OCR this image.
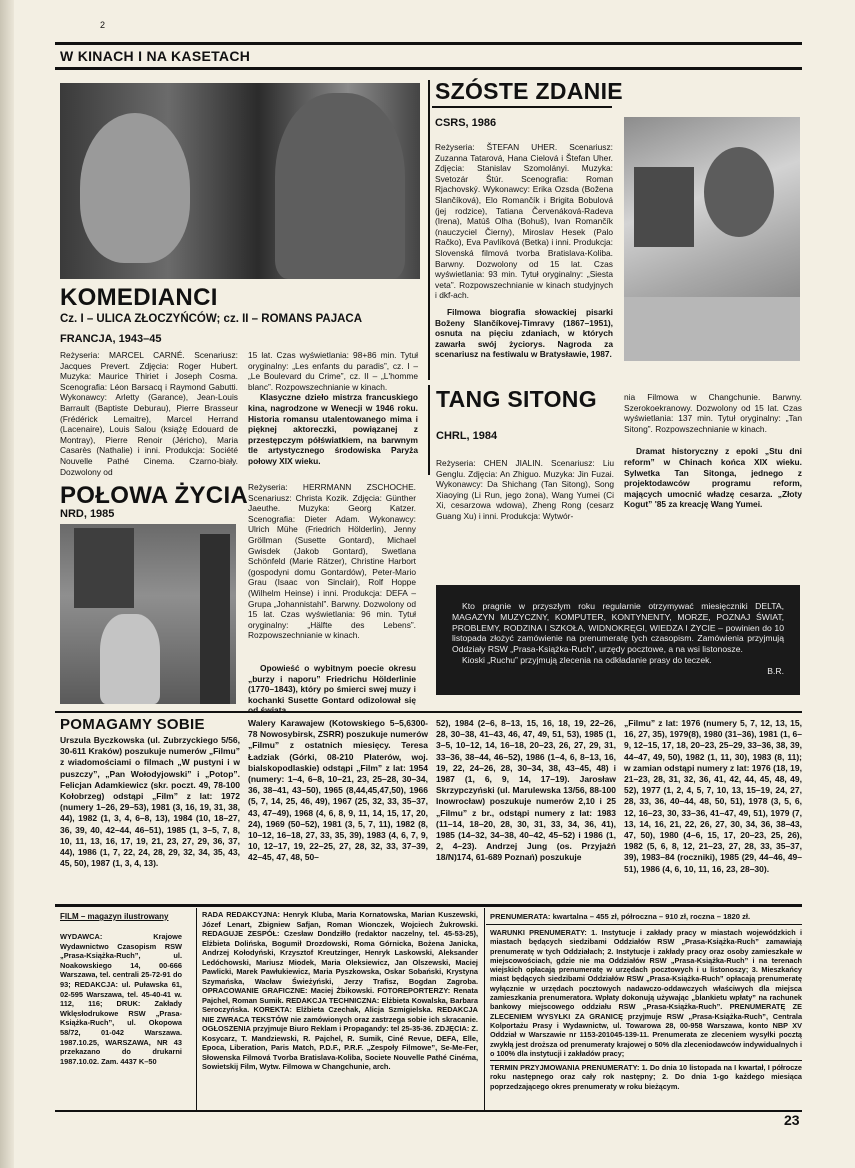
2
W KINACH I NA KASETACH
KOMEDIANCI
Cz. I – ULICA ZŁOCZYŃCÓW; cz. II – ROMANS PAJACA
FRANCJA, 1943–45
Reżyseria: MARCEL CARNÉ. Scenariusz: Jacques Prevert. Zdjęcia: Roger Hubert. Muzyka: Maurice Thiriet i Joseph Cosma. Scenografia: Léon Barsacq i Raymond Gabutti. Wykonawcy: Arletty (Garance), Jean-Louis Barrault (Baptiste Deburau), Pierre Brasseur (Frédérick Lemaitre), Marcel Herrand (Lacenaire), Louis Salou (książę Edouard de Montray), Pierre Renoir (Jéricho), Maria Casarès (Nathalie) i inni. Produkcja: Société Nouvelle Pathé Cinema. Czarno-biały. Dozwolony od
15 lat. Czas wyświetlania: 98+86 min. Tytuł oryginalny: „Les enfants du paradis”, cz. I – „Le Boulevard du Crime”, cz. II – „L'homme blanc”. Rozpowszechnianie w kinach.
Klasyczne dzieło mistrza francuskiego kina, nagrodzone w Wenecji w 1946 roku. Historia romansu utalentowanego mima i pięknej aktoreczki, powiązanej z przestępczym półświatkiem, na barwnym tle artystycznego środowiska Paryża połowy XIX wieku.
SZÓSTE ZDANIE
CSRS, 1986
Reżyseria: ŠTEFAN UHER. Scenariusz: Zuzanna Tatarová, Hana Cielová i Štefan Uher. Zdjęcia: Stanislav Szomolányi. Muzyka: Svetozár Štúr. Scenografia: Roman Rjachovský. Wykonawcy: Erika Ozsda (Božena Slančíková), Elo Romančík i Brigita Bobulová (jej rodzice), Tatiana Červenáková-Radeva (Irena), Matúš Olha (Bohuš), Ivan Romančík (nauczyciel Čierny), Miroslav Hesek (Palo Račko), Eva Pavlíková (Betka) i inni. Produkcja: Slovenská filmová tvorba Bratislava-Koliba. Barwny. Dozwolony od 15 lat. Czas wyświetlania: 93 min. Tytuł oryginalny: „Siesta veta”. Rozpowszechnianie w kinach studyjnych i dkf-ach.
Filmowa biografia słowackiej pisarki Boženy Slančíkovej-Timravy (1867–1951), osnuta na pięciu zdaniach, w których zawarła swój życiorys. Nagroda za scenariusz na festiwalu w Bratysławie, 1987.
TANG SITONG
CHRL, 1984
Reżyseria: CHEN JIALIN. Scenariusz: Liu Genglu. Zdjęcia: An Zhiguo. Muzyka: Jin Fuzai. Wykonawcy: Da Shichang (Tan Sitong), Song Xiaoying (Li Run, jego żona), Wang Yumei (Ci Xi, cesarzowa wdowa), Zheng Rong (cesarz Guang Xu) i inni. Produkcja: Wytwór-
nia Filmowa w Changchunie. Barwny. Szerokoekranowy. Dozwolony od 15 lat. Czas wyświetlania: 137 min. Tytuł oryginalny: „Tan Sitong”. Rozpowszechnianie w kinach.
Dramat historyczny z epoki „Stu dni reform” w Chinach końca XIX wieku. Sylwetka Tan Sitonga, jednego z projektodawców programu reform, mających umocnić władzę cesarza. „Złoty Kogut” '85 za kreację Wang Yumei.
POŁOWA ŻYCIA
NRD, 1985
Reżyseria: HERRMANN ZSCHOCHE. Scenariusz: Christa Kozik. Zdjęcia: Günther Jaeuthe. Muzyka: Georg Katzer. Scenografia: Dieter Adam. Wykonawcy: Ulrich Mühe (Friedrich Hölderlin), Jenny Gröllman (Susette Gontard), Michael Gwisdek (Jakob Gontard), Swetlana Schönfeld (Marie Rätzer), Christine Harbort (gospodyni domu Gontardów), Peter-Mario Grau (Isaac von Sinclair), Rolf Hoppe (Wilhelm Heinse) i inni. Produkcja: DEFA – Grupa „Johannistahl”. Barwny. Dozwolony od 15 lat. Czas wyświetlania: 96 min. Tytuł oryginalny: „Hälfte des Lebens”. Rozpowszechnianie w kinach.
Opowieść o wybitnym poecie okresu „burzy i naporu” Friedrichu Hölderlinie (1770–1843), który po śmierci swej muzy i kochanki Susette Gontard odizolował się
Kto pragnie w przyszłym roku regularnie otrzymywać miesięczniki DELTA, MAGAZYN MUZYCZNY, KOMPUTER, KONTYNENTY, MORZE, POZNAJ ŚWIAT, PROBLEMY, RODZINA I SZKOŁA, WIDNOKRĘGI, WIEDZA I ŻYCIE – powinien do 10 listopada złożyć zamówienie na prenumeratę tych czasopism. Zamówienia przyjmują Oddziały RSW „Prasa-Książka-Ruch”, urzędy pocztowe, a na wsi listonosze.
Kioski „Ruchu” przyjmują zlecenia na odkładanie prasy do teczek.
B.R.
POMAGAMY SOBIE
Urszula Byczkowska (ul. Zubrzyckiego 5/56, 30-611 Kraków) poszukuje numerów „Filmu” z wiadomościami o filmach „W pustyni i w puszczy”, „Pan Wołodyjowski” i „Potop”. Felicjan Adamkiewicz (skr. poczt. 49, 78-100 Kołobrzeg) odstąpi „Film” z lat: 1972 (numery 1–26, 29–53), 1981 (3, 16, 19, 31, 38, 44), 1982 (1, 3, 4, 6–8, 13), 1984 (10, 18–27, 36, 39, 40, 42–44, 46–51), 1985 (1, 3–5, 7, 8, 10, 11, 13, 16, 17, 19, 21, 23, 27, 29, 36, 37, 44), 1986 (1, 7, 22, 24, 28, 29, 32, 34, 35, 43, 45, 50), 1987 (1, 3, 4, 13).
Walery Karawajew (Kotowskiego 5–5,6300-78 Nowosybirsk, ZSRR) poszukuje numerów „Filmu” z ostatnich miesięcy. Teresa Ładziak (Górki, 08-210 Platerów, woj. bialskopodlaskie) odstąpi „Film” z lat: 1954 (numery: 1–4, 6–8, 10–21, 23, 25–28, 30–34, 36, 38–41, 43–50), 1965 (8,44,45,47,50), 1966 (5, 7, 14, 25, 46, 49), 1967 (25, 32, 33, 35–37, 43, 47–49), 1968 (4, 6, 8, 9, 11, 14, 15, 17, 20, 24), 1969 (50–52), 1981 (3, 5, 7, 11), 1982 (8, 10–12, 16–18, 27, 33, 35, 39), 1983 (4, 6, 7, 9, 10, 12–17, 19, 22–25, 27, 28, 32, 33, 37–39, 42–45, 47, 48, 50–
52), 1984 (2–6, 8–13, 15, 16, 18, 19, 22–26, 28, 30–38, 41–43, 46, 47, 49, 51, 53), 1985 (1, 3–5, 10–12, 14, 16–18, 20–23, 26, 27, 29, 31, 33–36, 38–44, 46–52), 1986 (1–4, 6, 8–13, 16, 19, 22, 24–26, 28, 30–34, 38, 43–45, 48) i 1987 (1, 6, 9, 14, 17–19). Jarosław Skrzypczyński (ul. Marulewska 13/56, 88-100 Inowrocław) poszukuje numerów 2,10 i 25 „Filmu” z br., odstąpi numery z lat: 1983 (11–14, 18–20, 28, 30, 31, 33, 34, 36, 41), 1985 (14–32, 34–38, 40–42, 45–52) i 1986 (1, 2, 4–23). Andrzej Jung (os. Przyjaźń 18/N)174, 61-689 Poznań) poszukuje
„Filmu” z lat: 1976 (numery 5, 7, 12, 13, 15, 16, 27, 35), 1979(8), 1980 (31–36), 1981 (1, 6–9, 12–15, 17, 18, 20–23, 25–29, 33–36, 38, 39, 44–47, 49, 50), 1982 (1, 11, 30), 1983 (8, 11); w zamian odstąpi numery z lat: 1976 (18, 19, 21–23, 28, 31, 32, 36, 41, 42, 44, 45, 48, 49, 52), 1977 (1, 2, 4, 5, 7, 10, 13, 15–19, 24, 27, 28, 33, 36, 40–44, 48, 50, 51), 1978 (3, 5, 6, 12, 16–23, 30, 33–36, 41–47, 49, 51), 1979 (7, 13, 14, 16, 21, 22, 26, 27, 30, 34, 36, 38–43, 47, 50), 1980 (4–6, 15, 17, 20–23, 25, 26), 1982 (5, 6, 8, 12, 21–23, 27, 28, 33, 35–37, 39), 1983–84 (roczniki), 1985 (29, 44–46, 49–51), 1986 (4, 6, 10, 11, 16, 23, 28–30).
FILM – magazyn ilustrowany
WYDAWCA: Krajowe Wydawnictwo Czasopism RSW „Prasa-Książka-Ruch”, ul. Noakowskiego 14, 00-666 Warszawa, tel. centrali 25-72-91 do 93; REDAKCJA: ul. Puławska 61, 02-595 Warszawa, tel. 45-40-41 w. 112, 116; DRUK: Zakłady Wklęsłodrukowe RSW „Prasa-Książka-Ruch”, ul. Okopowa 58/72, 01-042 Warszawa. 1987.10.25, WARSZAWA, NR 43 przekazano do drukarni 1987.10.02. Zam. 4437 K–50
RADA REDAKCYJNA: Henryk Kluba, Maria Kornatowska, Marian Kuszewski, Józef Lenart, Zbigniew Safjan, Roman Wionczek, Wojciech Żukrowski. REDAGUJE ZESPÓŁ: Czesław Dondziłło (redaktor naczelny, tel. 45-53-25), Elżbieta Dolińska, Bogumił Drozdowski, Roma Górnicka, Bożena Janicka, Andrzej Kołodyński, Krzysztof Kreutzinger, Henryk Laskowski, Aleksander Ledóchowski, Mariusz Miodek, Maria Oleksiewicz, Jan Olszewski, Maciej Pawlicki, Marek Pawłukiewicz, Maria Pyszkowska, Oskar Sobański, Krystyna Szymańska, Wacław Świeżyński, Jerzy Trafisz, Bogdan Zagroba. OPRACOWANIE GRAFICZNE: Maciej Żbikowski. FOTOREPORTERZY: Renata Pajchel, Roman Sumik. REDAKCJA TECHNICZNA: Elżbieta Kowalska, Barbara Seroczyńska. KOREKTA: Elżbieta Czechak, Alicja Szmigielska. REDAKCJA NIE ZWRACA TEKSTÓW nie zamówionych oraz zastrzega sobie ich skracanie. OGŁOSZENIA przyjmuje Biuro Reklam i Propagandy: tel 25-35-36. ZDJĘCIA: Z. Kosycarz, T. Mandziewski, R. Pajchel, R. Sumik, Ciné Revue, DEFA, Elle, Epoca, Liberation, Paris Match, P.D.F., P.R.F. „Zespoły Filmowe”, Se-Me-Fer, Słowenska Filmová Tvorba Bratislava-Koliba, Societe Nouvelle Pathé Cinéma, Sowietskij Film, Wytw. Filmowa w Changchunie, arch.
PRENUMERATA: kwartalna – 455 zł, półroczna – 910 zł, roczna – 1820 zł.
WARUNKI PRENUMERATY: 1. Instytucje i zakłady pracy w miastach wojewódzkich i miastach będących siedzibami Oddziałów RSW „Prasa-Książka-Ruch” zamawiają prenumeratę w tych Oddziałach; 2. Instytucje i zakłady pracy oraz osoby zamieszkałe w miejscowościach, gdzie nie ma Oddziałów RSW „Prasa-Książka-Ruch” i na terenach wiejskich opłacają prenumeratę w urzędach pocztowych i u listonoszy; 3. Mieszkańcy miast będących siedzibami Oddziałów RSW „Prasa-Książka-Ruch” opłacają prenumeratę wyłącznie w urzędach pocztowych nadawczo-oddawczych właściwych dla miejsca zamieszkania prenumeratora. Wpłaty dokonują używając „blankietu wpłaty” na rachunek bankowy miejscowego oddziału RSW „Prasa-Książka-Ruch”. PRENUMERATĘ ZE ZLECENIEM WYSYŁKI ZA GRANICĘ przyjmuje RSW „Prasa-Książka-Ruch”, Centrala Kolportażu Prasy i Wydawnictw, ul. Towarowa 28, 00-958 Warszawa, konto NBP XV Oddział w Warszawie nr 1153-201045-139-11. Prenumerata ze zleceniem wysyłki pocztą zwykłą jest droższa od prenumeraty krajowej o 50% dla zleceniodawców indywidualnych i o 100% dla instytucji i zakładów pracy;
TERMIN PRZYJMOWANIA PRENUMERATY: 1. Do dnia 10 listopada na I kwartał, I półrocze roku następnego oraz cały rok następny; 2. Do dnia 1-go każdego miesiąca poprzedzającego okres prenumeraty w roku bieżącym.
23
